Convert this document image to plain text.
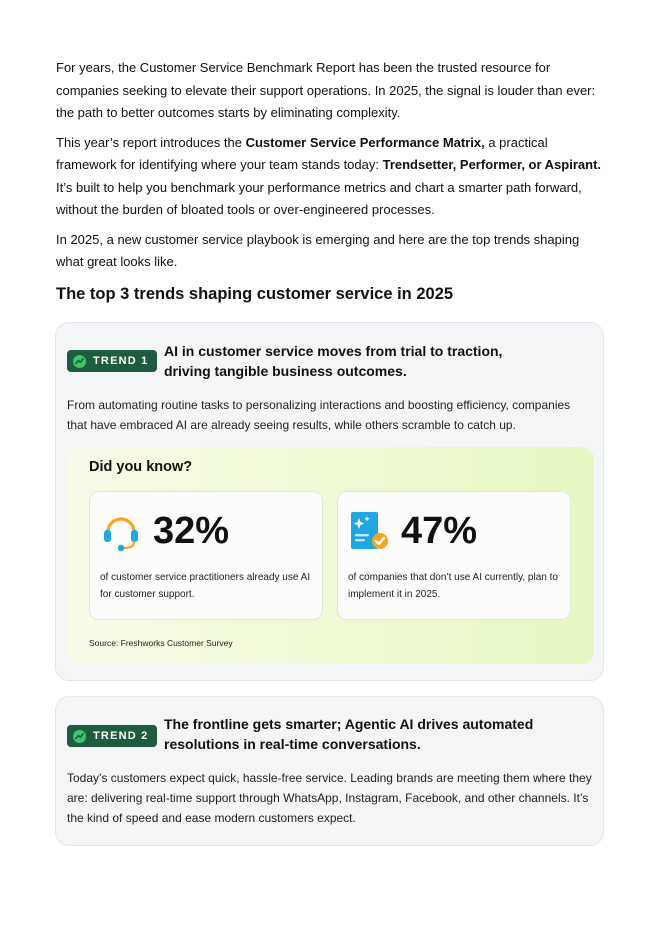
For years, the Customer Service Benchmark Report has been the trusted resource for companies seeking to elevate their support operations. In 2025, the signal is louder than ever: the path to better outcomes starts by eliminating complexity.

This year’s report introduces the Customer Service Performance Matrix, a practical framework for identifying where your team stands today: Trendsetter, Performer, or Aspirant. It’s built to help you benchmark your performance metrics and chart a smarter path forward, without the burden of bloated tools or over-engineered processes.

In 2025, a new customer service playbook is emerging and here are the top trends shaping what great looks like.

The top 3 trends shaping customer service in 2025
TREND 1
AI in customer service moves from trial to traction,
driving tangible business outcomes.

From automating routine tasks to personalizing interactions and boosting efficiency, companies that have embraced AI are already seeing results, while others scramble to catch up.

Did you know?
32%

of customer service practitioners already use AI for customer support.

47%

of companies that don’t use AI currently, plan to implement it in 2025.

Source: Freshworks Customer Survey

TREND 2
The frontline gets smarter; Agentic AI drives automated
resolutions in real-time conversations.

Today’s customers expect quick, hassle-free service. Leading brands are meeting them where they are: delivering real-time support through WhatsApp, Instagram, Facebook, and other channels. It’s the kind of speed and ease modern customers expect.
